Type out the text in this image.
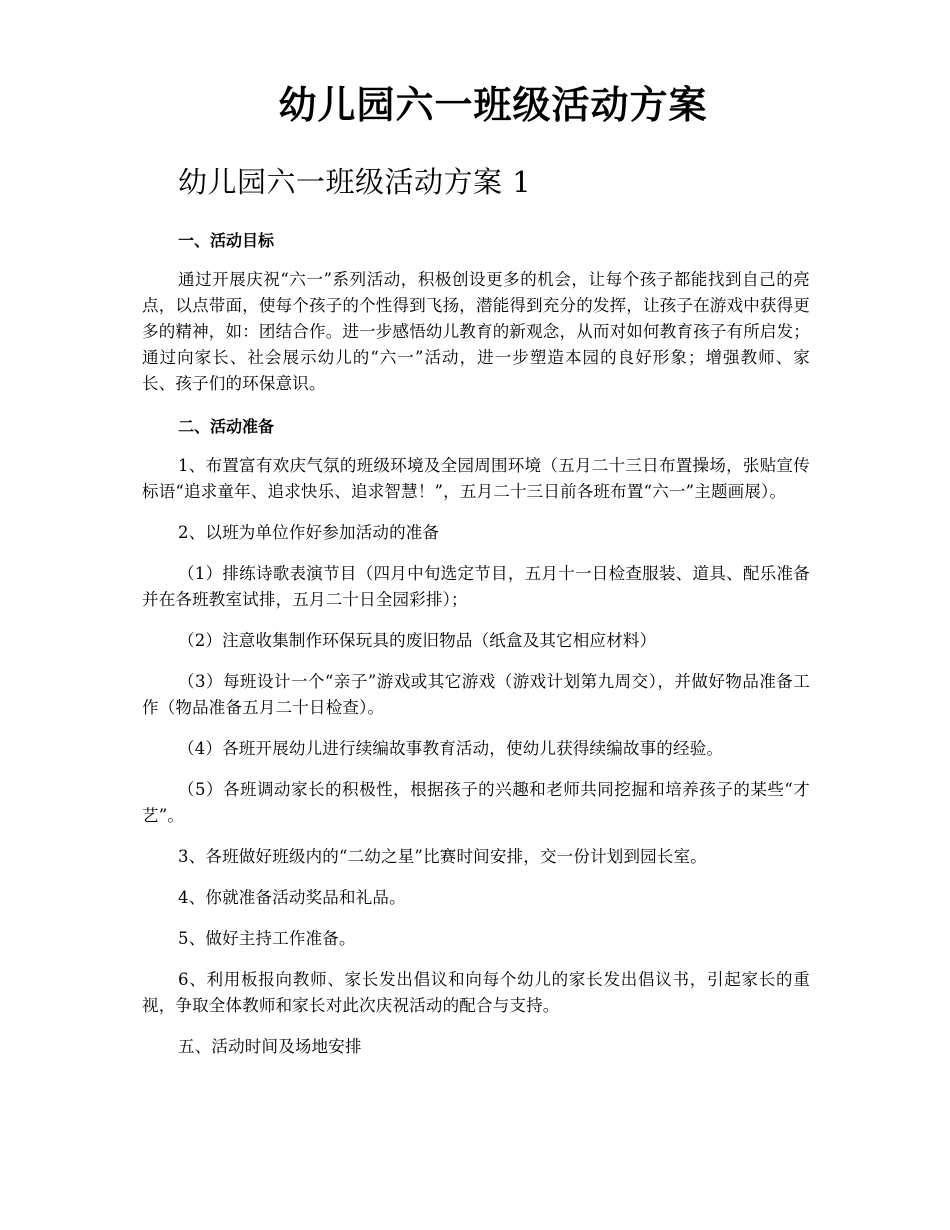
幼儿园六一班级活动方案
幼儿园六一班级活动方案 1
一、活动目标

通过开展庆祝“六一”系列活动，积极创设更多的机会，让每个孩子都能找到自己的亮点，以点带面，使每个孩子的个性得到飞扬，潜能得到充分的发挥，让孩子在游戏中获得更多的精神，如：团结合作。进一步感悟幼儿教育的新观念，从而对如何教育孩子有所启发；通过向家长、社会展示幼儿的“六一”活动，进一步塑造本园的良好形象；增强教师、家长、孩子们的环保意识。

二、活动准备

1、布置富有欢庆气氛的班级环境及全园周围环境（五月二十三日布置操场，张贴宣传标语“追求童年、追求快乐、追求智慧！”，五月二十三日前各班布置“六一”主题画展）。

2、以班为单位作好参加活动的准备

（1）排练诗歌表演节目（四月中旬选定节目，五月十一日检查服装、道具、配乐准备并在各班教室试排，五月二十日全园彩排）；

（2）注意收集制作环保玩具的废旧物品（纸盒及其它相应材料）

（3）每班设计一个“亲子”游戏或其它游戏（游戏计划第九周交），并做好物品准备工作（物品准备五月二十日检查）。

（4）各班开展幼儿进行续编故事教育活动，使幼儿获得续编故事的经验。

（5）各班调动家长的积极性，根据孩子的兴趣和老师共同挖掘和培养孩子的某些“才艺”。

3、各班做好班级内的“二幼之星”比赛时间安排，交一份计划到园长室。

4、你就准备活动奖品和礼品。

5、做好主持工作准备。

6、利用板报向教师、家长发出倡议和向每个幼儿的家长发出倡议书，引起家长的重视，争取全体教师和家长对此次庆祝活动的配合与支持。

五、活动时间及场地安排
